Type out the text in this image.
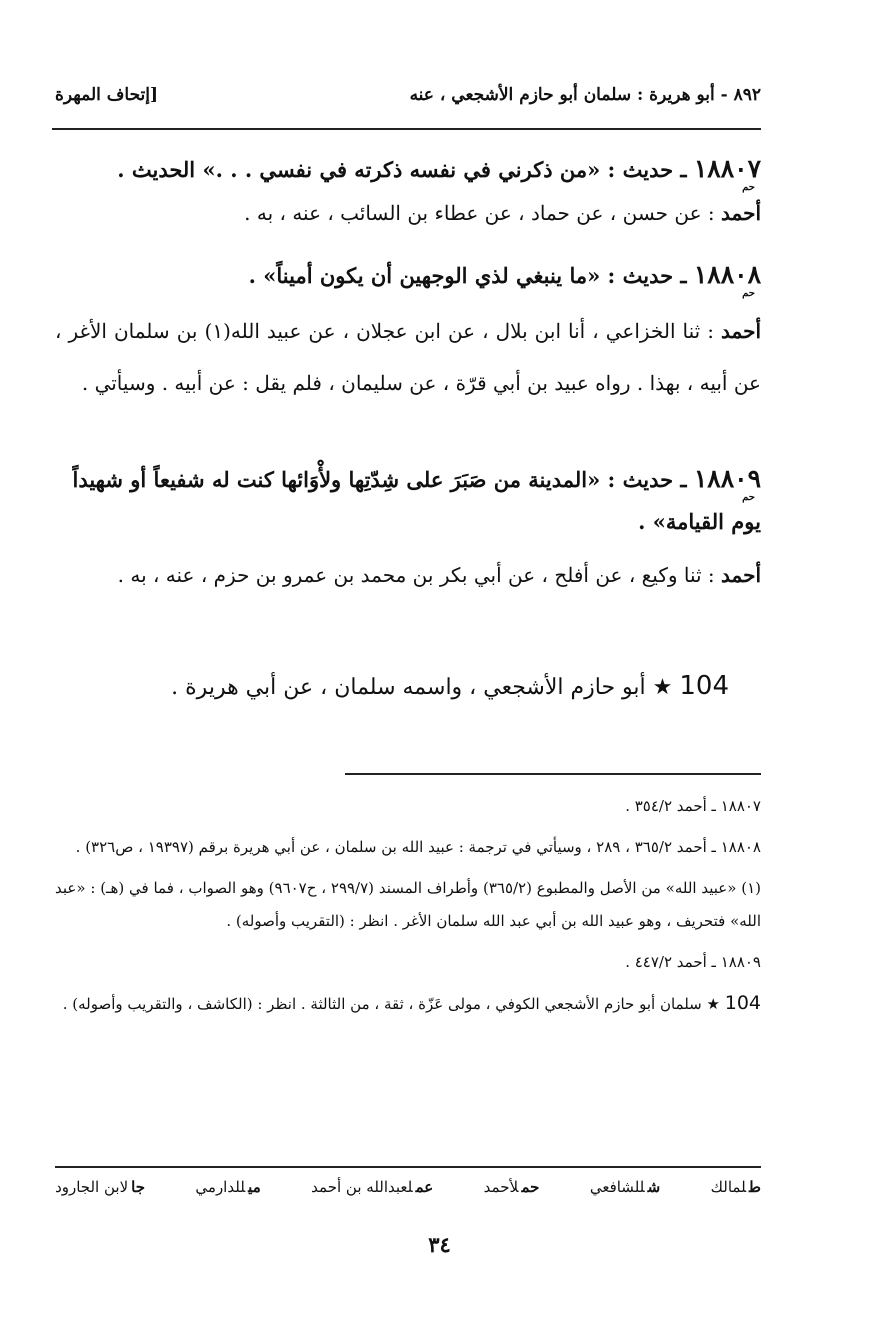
٨٩٢ - أبو هريرة : سلمان أبو حازم الأشجعي ، عنه
[إتحاف المهرة
١٨٨٠٧ ـ حديث : «من ذكرني في نفسه ذكرته في نفسي . . .» الحديث .
حم
أحمد : عن حسن ، عن حماد ، عن عطاء بن السائب ، عنه ، به .
١٨٨٠٨ ـ حديث : «ما ينبغي لذي الوجهين أن يكون أميناً» .
حم
أحمد : ثنا الخزاعي ، أنا ابن بلال ، عن ابن عجلان ، عن عبيد الله(١) بن سلمان الأغر ، عن أبيه ، بهذا . رواه عبيد بن أبي قرّة ، عن سليمان ، فلم يقل : عن أبيه . وسيأتي .
١٨٨٠٩ ـ حديث : «المدينة من صَبَرَ على شِدّتِها ولأْوَائها كنت له شفيعاً أو شهيداً يوم القيامة» .
حم
أحمد : ثنا وكيع ، عن أفلح ، عن أبي بكر بن محمد بن عمرو بن حزم ، عنه ، به .
104 ★ أبو حازم الأشجعي ، واسمه سلمان ، عن أبي هريرة .

١٨٨٠٧ ـ أحمد ٣٥٤/٢ .

١٨٨٠٨ ـ أحمد ٣٦٥/٢ ، ٢٨٩ ، وسيأتي في ترجمة : عبيد الله بن سلمان ، عن أبي هريرة برقم (١٩٣٩٧ ، ص٣٢٦) .

(١) «عبيد الله» من الأصل والمطبوع (٣٦٥/٢) وأطراف المسند (٢٩٩/٧ ، ح٩٦٠٧) وهو الصواب ، فما في (هـ) : «عبد الله» فتحريف ، وهو عبيد الله بن أبي عبد الله سلمان الأغر . انظر : (التقريب وأصوله) .

١٨٨٠٩ ـ أحمد ٤٤٧/٢ .

104 ★ سلمان أبو حازم الأشجعي الكوفي ، مولى عَزّة ، ثقة ، من الثالثة . انظر : (الكاشف ، والتقريب وأصوله) .

طلمالك
شللشافعي
حملأحمد
عملعبدالله بن أحمد
ميللدارمي
جالابن الجارود
٣٤
